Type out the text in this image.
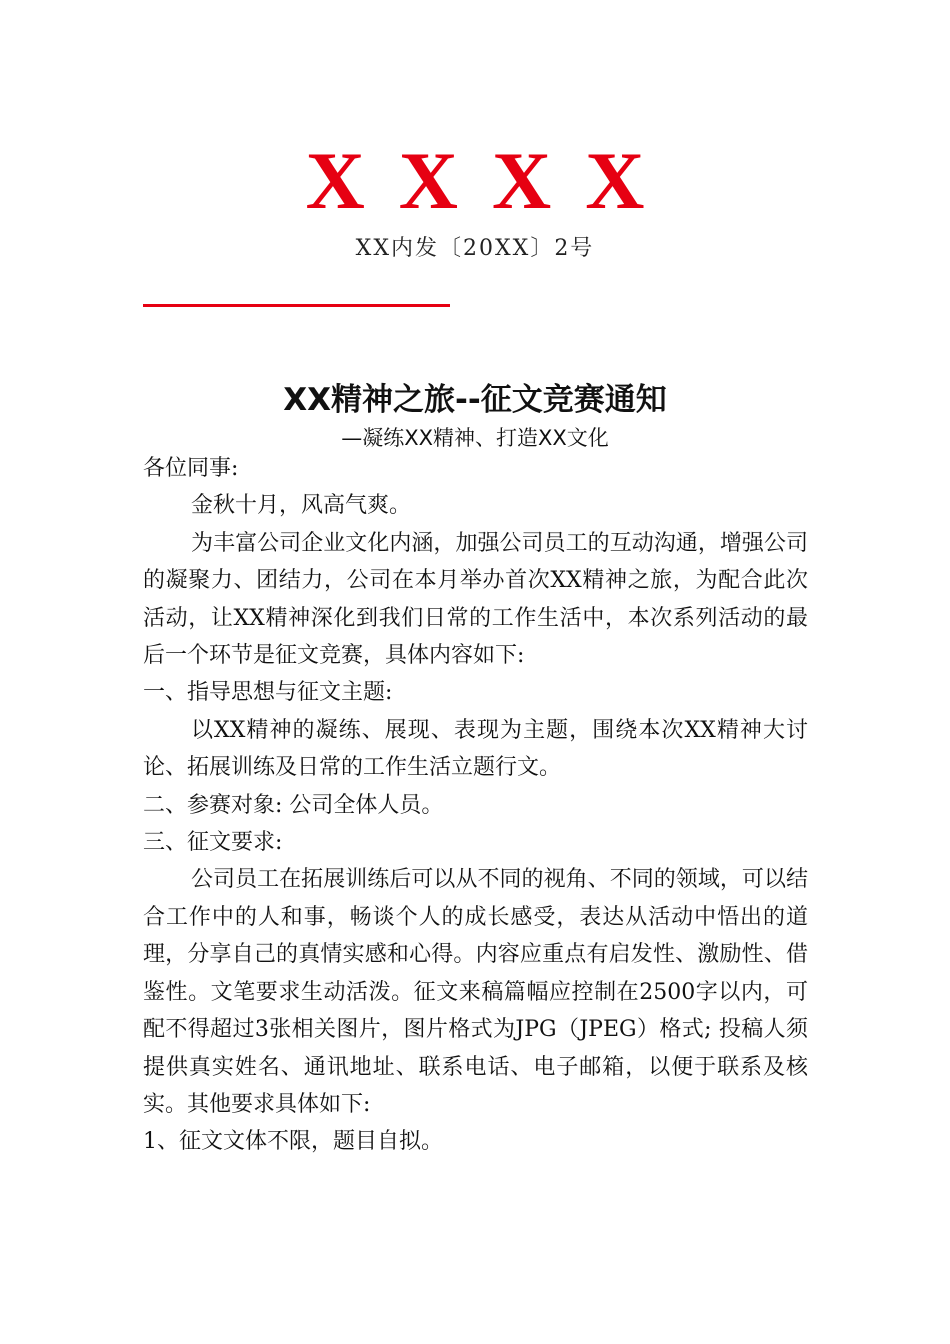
XXXX
XX内发〔20XX〕2号
XX精神之旅--征文竞赛通知
—凝练XX精神、打造XX文化

各位同事:

金秋十月，风高气爽。

为丰富公司企业文化内涵，加强公司员工的互动沟通，增强公司的凝聚力、团结力，公司在本月举办首次XX精神之旅，为配合此次活动，让XX精神深化到我们日常的工作生活中，本次系列活动的最后一个环节是征文竞赛，具体内容如下:

一、指导思想与征文主题:

以XX精神的凝练、展现、表现为主题，围绕本次XX精神大讨论、拓展训练及日常的工作生活立题行文。

二、参赛对象: 公司全体人员。

三、征文要求:

公司员工在拓展训练后可以从不同的视角、不同的领域，可以结合工作中的人和事，畅谈个人的成长感受，表达从活动中悟出的道理，分享自己的真情实感和心得。内容应重点有启发性、激励性、借鉴性。文笔要求生动活泼。征文来稿篇幅应控制在2500字以内，可配不得超过3张相关图片，图片格式为JPG（JPEG）格式; 投稿人须提供真实姓名、通讯地址、联系电话、电子邮箱，以便于联系及核实。其他要求具体如下:

1、征文文体不限，题目自拟。
